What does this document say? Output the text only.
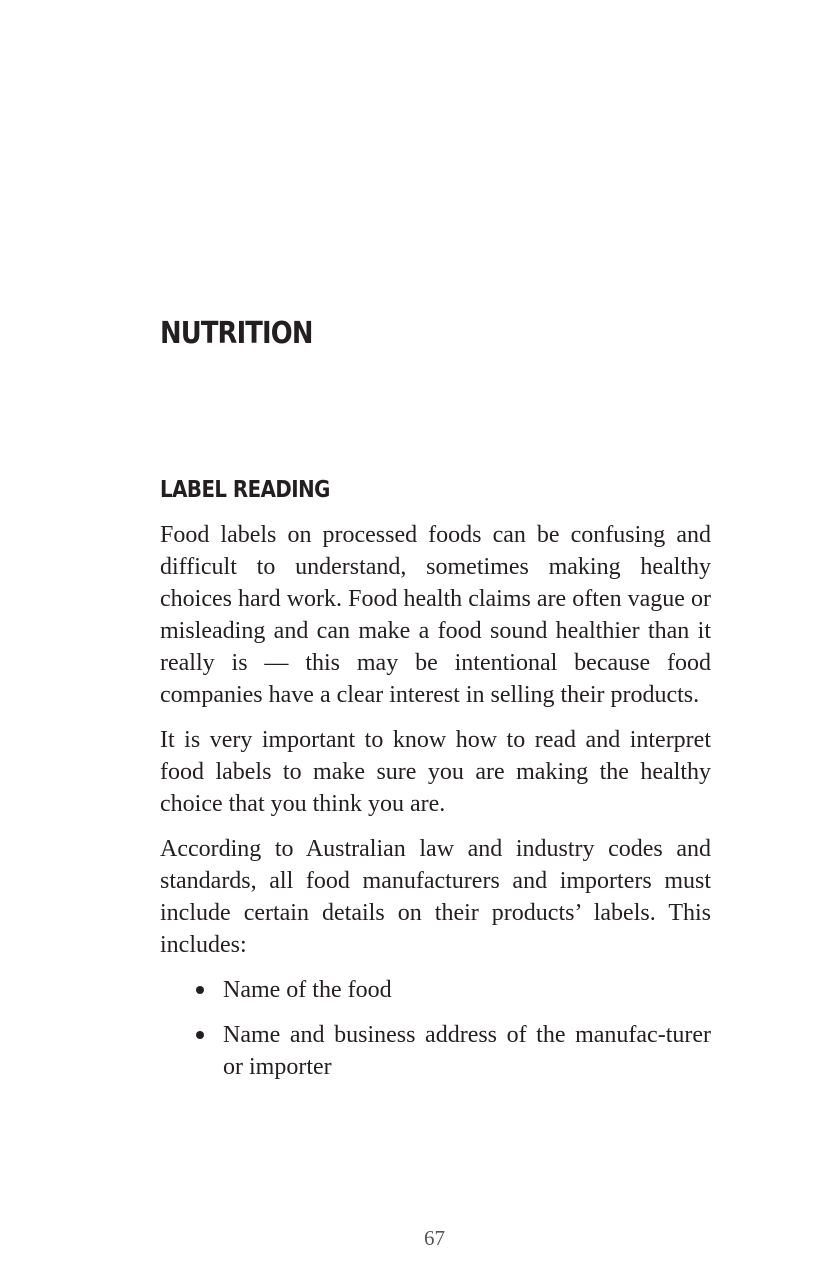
NUTRITION
LABEL READING

Food labels on processed foods can be confusing and difficult to understand, sometimes making healthy choices hard work. Food health claims are often vague or misleading and can make a food sound healthier than it really is — this may be intentional because food companies have a clear interest in selling their products.

It is very important to know how to read and interpret food labels to make sure you are making the healthy choice that you think you are.

According to Australian law and industry codes and standards, all food manufacturers and importers must include certain details on their products’ labels. This includes:

Name of the food
Name and business address of the manufac-turer or importer
67
